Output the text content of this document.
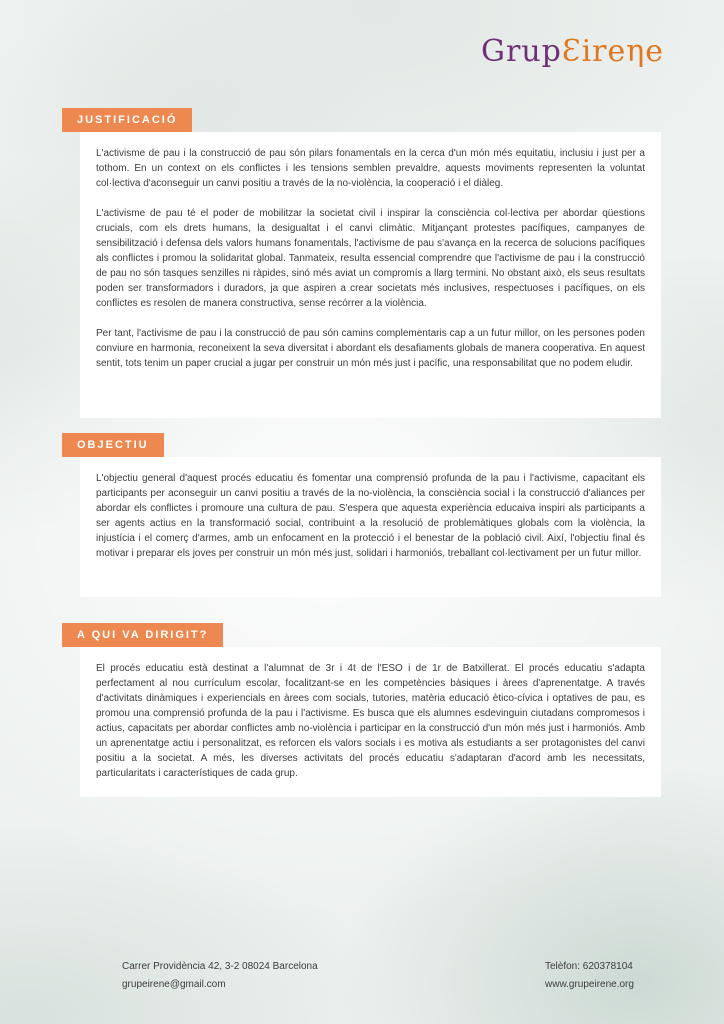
GrupƐireηe
JUSTIFICACIÓ

L'activisme de pau i la construcció de pau són pilars fonamentals en la cerca d'un món més equitatiu, inclusiu i just per a tothom. En un context on els conflictes i les tensions semblen prevaldre, aquests moviments representen la voluntat col·lectiva d'aconseguir un canvi positiu a través de la no-violència, la cooperació i el diàleg.

L'activisme de pau té el poder de mobilitzar la societat civil i inspirar la consciència col·lectiva per abordar qüestions crucials, com els drets humans, la desigualtat i el canvi climàtic. Mitjançant protestes pacífiques, campanyes de sensibilització i defensa dels valors humans fonamentals, l'activisme de pau s'avança en la recerca de solucions pacífiques als conflictes i promou la solidaritat global. Tanmateix, resulta essencial comprendre que l'activisme de pau i la construcció de pau no són tasques senzilles ni ràpides, sinó més aviat un compromís a llarg termini. No obstant això, els seus resultats poden ser transformadors i duradors, ja que aspiren a crear societats més inclusives, respectuoses i pacífiques, on els conflictes es resolen de manera constructiva, sense recórrer a la violència.

Per tant, l'activisme de pau i la construcció de pau són camins complementaris cap a un futur millor, on les persones poden conviure en harmonia, reconeixent la seva diversitat i abordant els desafiaments globals de manera cooperativa. En aquest sentit, tots tenim un paper crucial a jugar per construir un món més just i pacífic, una responsabilitat que no podem eludir.

OBJECTIU

L'objectiu general d'aquest procés educatiu és fomentar una comprensió profunda de la pau i l'activisme, capacitant els participants per aconseguir un canvi positiu a través de la no-violència, la consciència social i la construcció d'aliances per abordar els conflictes i promoure una cultura de pau. S'espera que aquesta experiència educaiva inspiri als participants a ser agents actius en la transformació social, contribuint a la resolució de problemàtiques globals com la violència, la injustícia i el comerç d'armes, amb un enfocament en la protecció i el benestar de la població civil. Així, l'objectiu final és motivar i preparar els joves per construir un món més just, solidari i harmoniós, treballant col·lectivament per un futur millor.

A QUI VA DIRIGIT?

El procés educatiu està destinat a l'alumnat de 3r i 4t de l'ESO i de 1r de Batxillerat. El procés educatiu s'adapta perfectament al nou currículum escolar, focalitzant-se en les competències bàsiques i àrees d'aprenentatge. A través d'activitats dinàmiques i experiencials en àrees com socials, tutories, matèria educació ètico-cívica i optatives de pau, es promou una comprensió profunda de la pau i l'activisme. Es busca que els alumnes esdevinguin ciutadans compromesos i actius, capacitats per abordar conflictes amb no-violència i participar en la construcció d'un món més just i harmoniós. Amb un aprenentatge actiu i personalitzat, es reforcen els valors socials i es motiva als estudiants a ser protagonistes del canvi positiu a la societat. A més, les diverses activitats del procés educatiu s'adaptaran d'acord amb les necessitats, particularitats i característiques de cada grup.

Carrer Providència 42, 3-2 08024 Barcelona
grupeirene@gmail.com
Telèfon: 620378104
www.grupeirene.org
